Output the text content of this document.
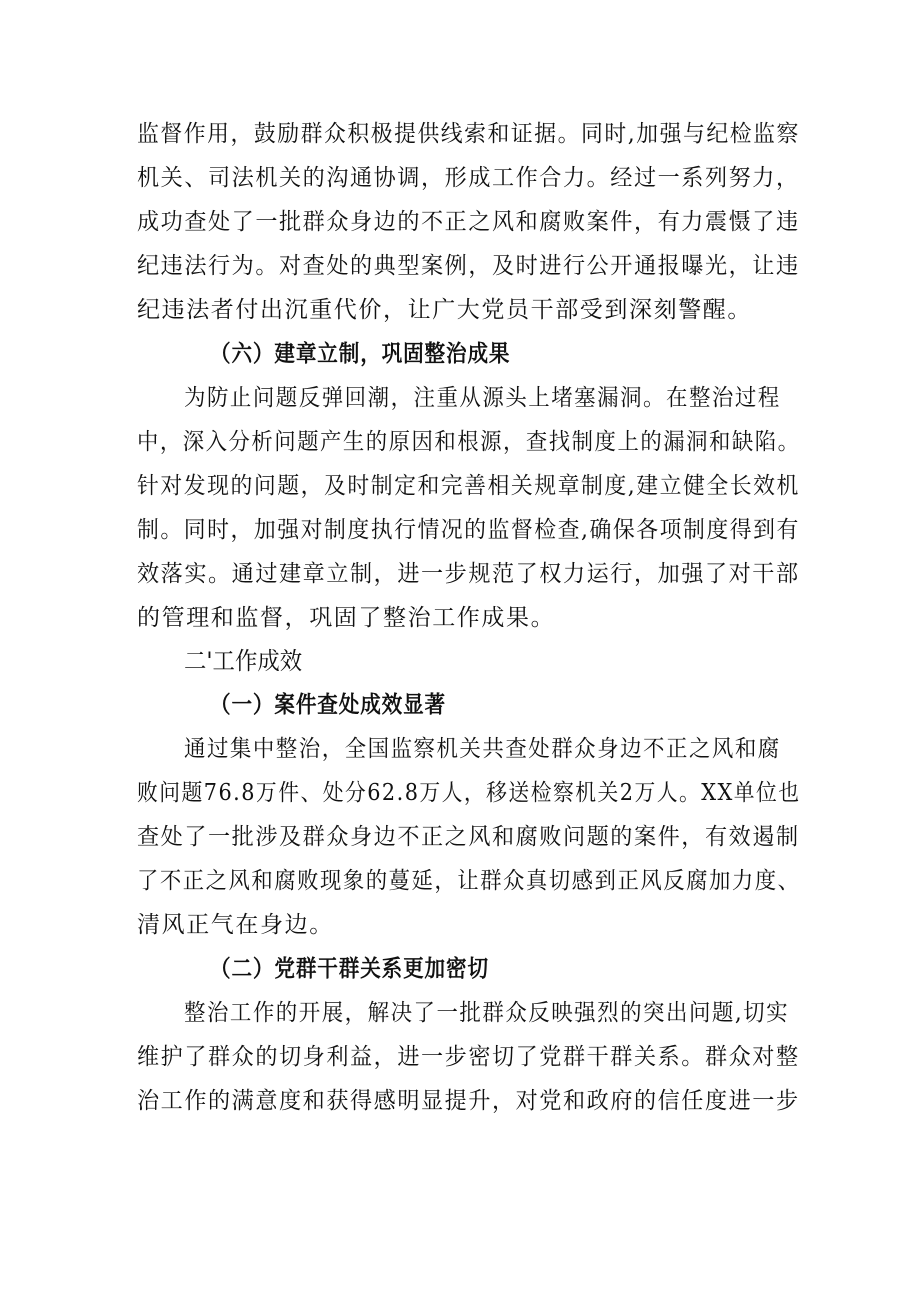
监督作用，鼓励群众积极提供线索和证据。同时,加强与纪检监察
机关、司法机关的沟通协调，形成工作合力。经过一系列努力，
成功查处了一批群众身边的不正之风和腐败案件，有力震慑了违
纪违法行为。对查处的典型案例，及时进行公开通报曝光，让违
纪违法者付出沉重代价，让广大党员干部受到深刻警醒。
（六）建章立制，巩固整治成果
为防止问题反弹回潮，注重从源头上堵塞漏洞。在整治过程
中，深入分析问题产生的原因和根源，查找制度上的漏洞和缺陷。
针对发现的问题，及时制定和完善相关规章制度,建立健全长效机
制。同时，加强对制度执行情况的监督检查,确保各项制度得到有
效落实。通过建章立制，进一步规范了权力运行，加强了对干部
的管理和监督，巩固了整治工作成果。
二'工作成效
（一）案件查处成效显著
通过集中整治，全国监察机关共查处群众身边不正之风和腐
败问题76.8万件、处分62.8万人，移送检察机关2万人。XX单位也
查处了一批涉及群众身边不正之风和腐败问题的案件，有效遏制
了不正之风和腐败现象的蔓延，让群众真切感到正风反腐加力度、
清风正气在身边。
（二）党群干群关系更加密切
整治工作的开展，解决了一批群众反映强烈的突出问题,切实
维护了群众的切身利益，进一步密切了党群干群关系。群众对整
治工作的满意度和获得感明显提升，对党和政府的信任度进一步
